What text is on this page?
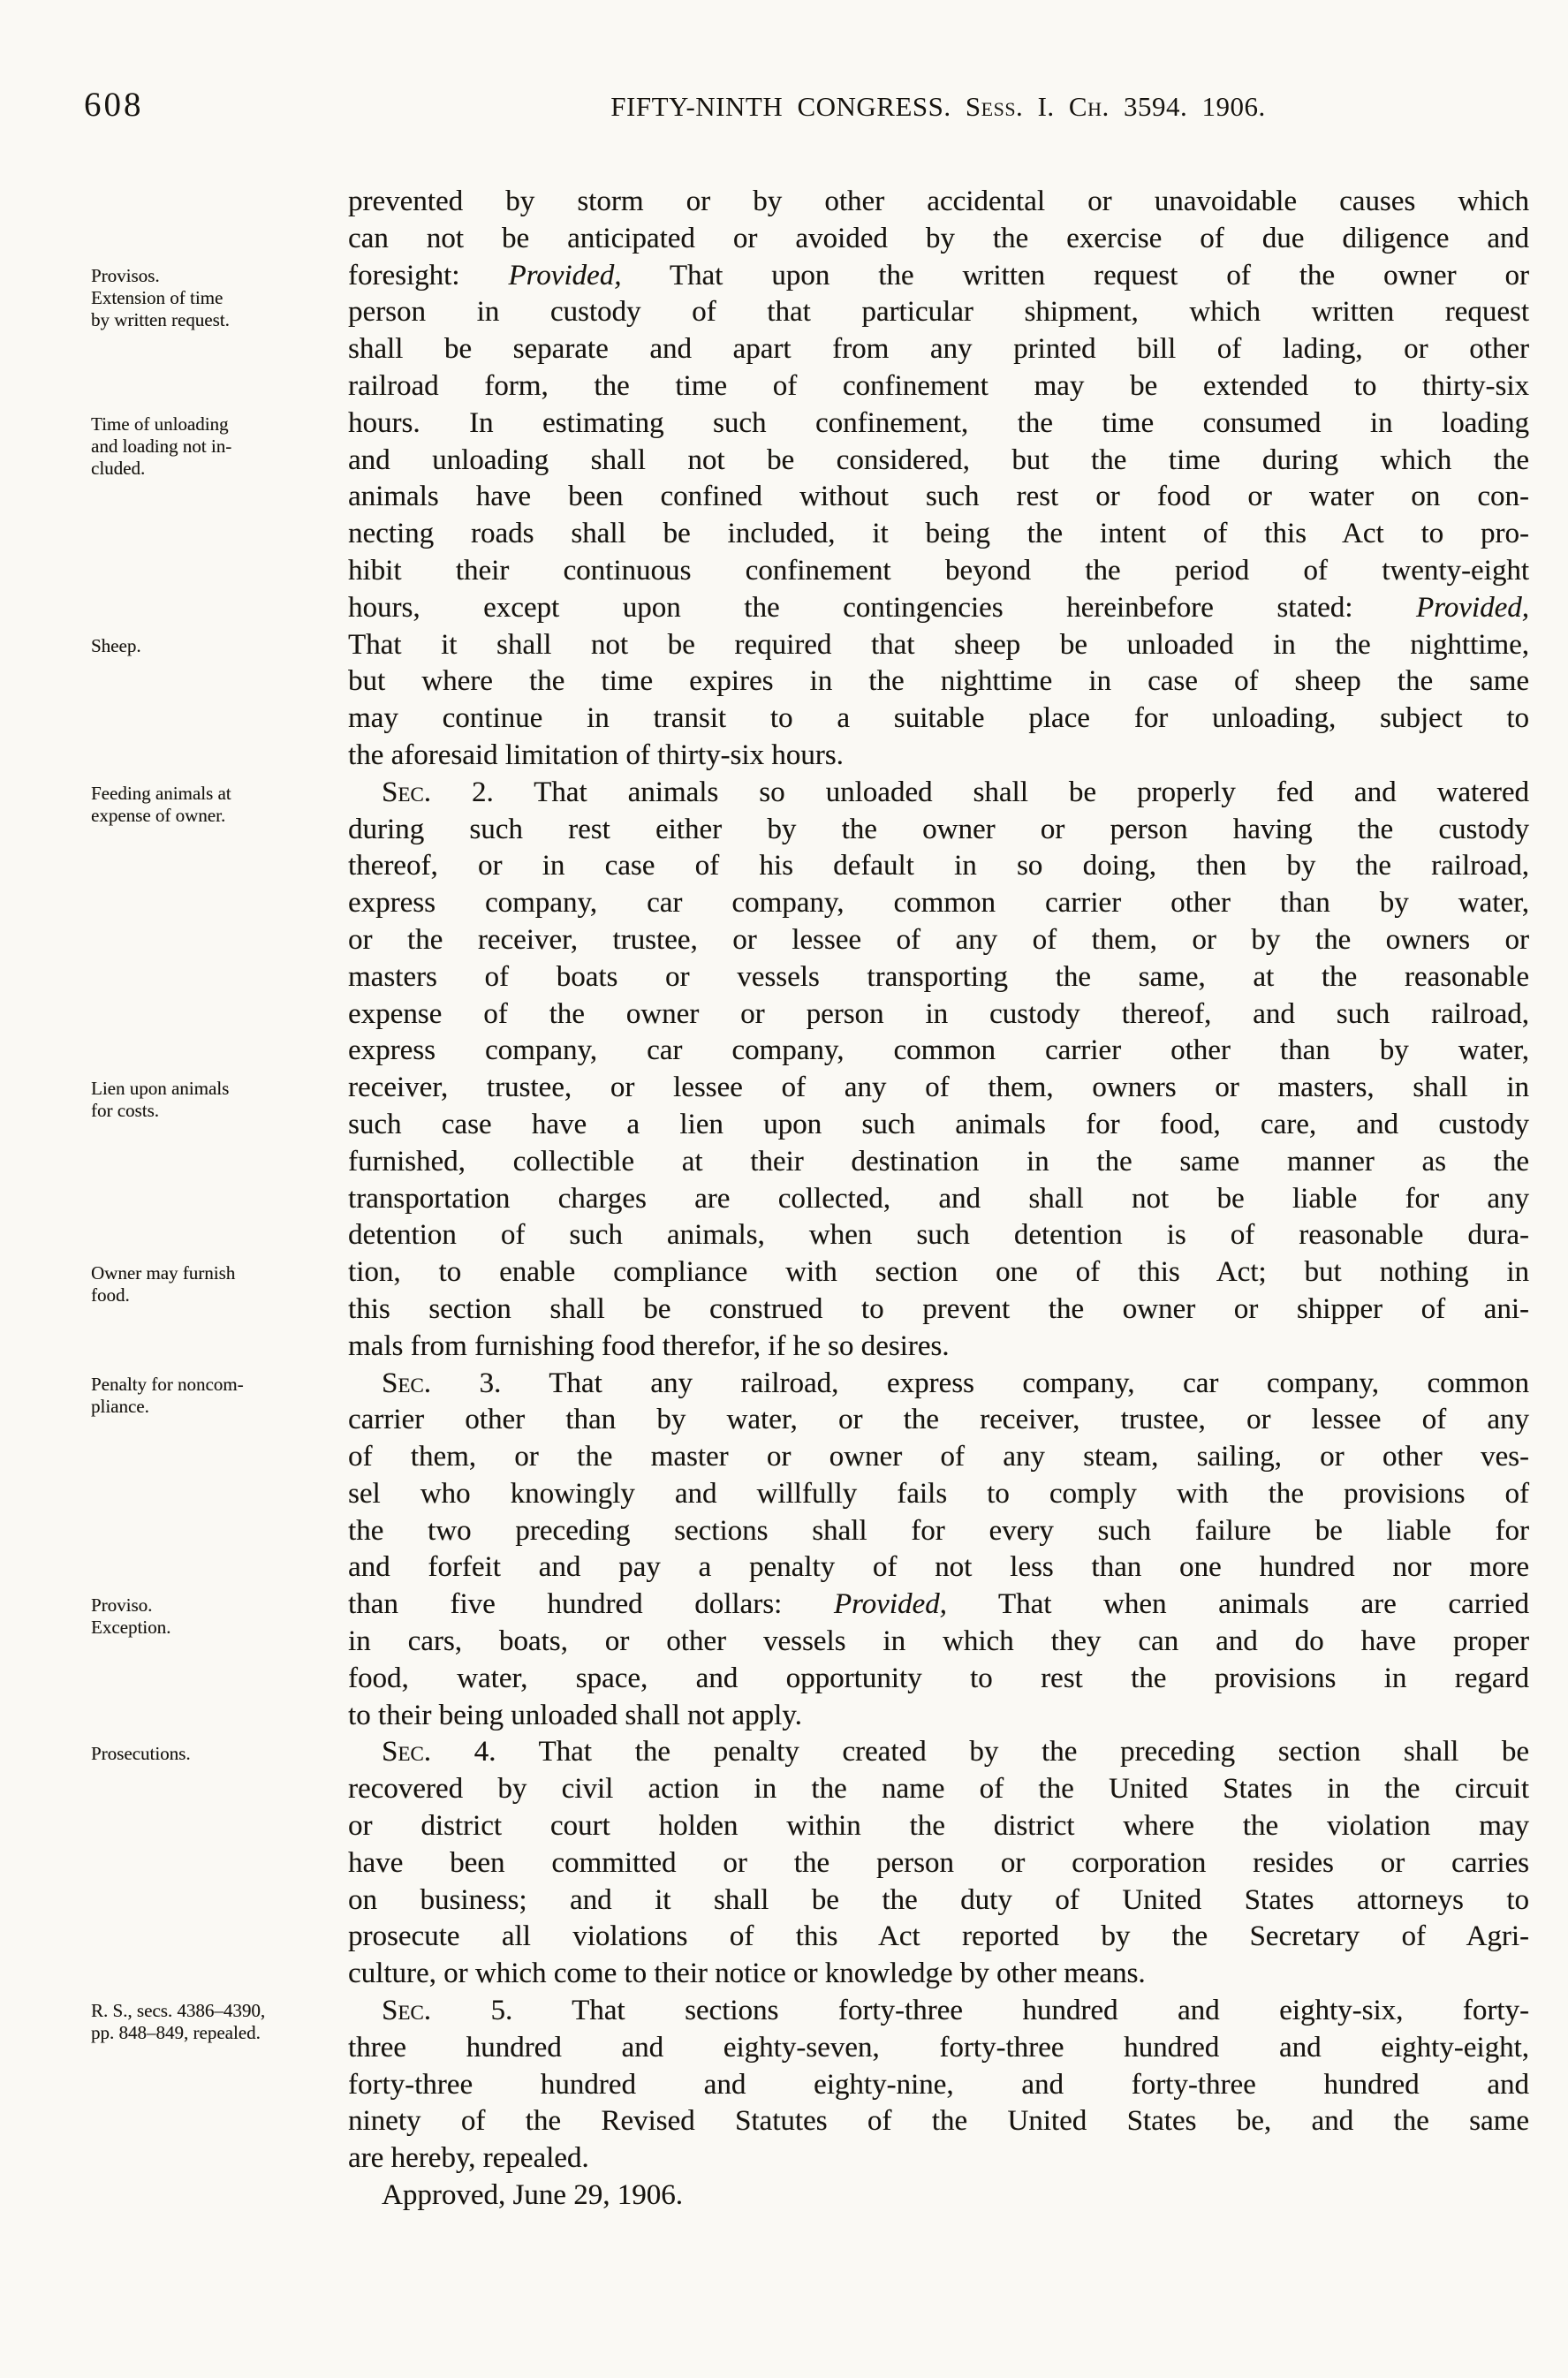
608	FIFTY-NINTH CONGRESS. Sess. I. Ch. 3594. 1906.
Provisos.
Extension of time
by written request.
Time of unloading
and loading not in-
cluded.
Sheep.
Feeding animals at
expense of owner.
Lien upon animals
for costs.
Owner may furnish
food.
Penalty for noncom-
pliance.
Proviso.
Exception.
Prosecutions.
R. S., secs. 4386–4390,
pp. 848–849, repealed.
prevented by storm or by other accidental or unavoidable causes which
can not be anticipated or avoided by the exercise of due diligence and
foresight: Provided, That upon the written request of the owner or
person in custody of that particular shipment, which written request
shall be separate and apart from any printed bill of lading, or other
railroad form, the time of confinement may be extended to thirty-six
hours. In estimating such confinement, the time consumed in loading
and unloading shall not be considered, but the time during which the
animals have been confined without such rest or food or water on con-
necting roads shall be included, it being the intent of this Act to pro-
hibit their continuous confinement beyond the period of twenty-eight
hours, except upon the contingencies hereinbefore stated: Provided,
That it shall not be required that sheep be unloaded in the nighttime,
but where the time expires in the nighttime in case of sheep the same
may continue in transit to a suitable place for unloading, subject to
the aforesaid limitation of thirty-six hours.
Sec. 2. That animals so unloaded shall be properly fed and watered
during such rest either by the owner or person having the custody
thereof, or in case of his default in so doing, then by the railroad,
express company, car company, common carrier other than by water,
or the receiver, trustee, or lessee of any of them, or by the owners or
masters of boats or vessels transporting the same, at the reasonable
expense of the owner or person in custody thereof, and such railroad,
express company, car company, common carrier other than by water,
receiver, trustee, or lessee of any of them, owners or masters, shall in
such case have a lien upon such animals for food, care, and custody
furnished, collectible at their destination in the same manner as the
transportation charges are collected, and shall not be liable for any
detention of such animals, when such detention is of reasonable dura-
tion, to enable compliance with section one of this Act; but nothing in
this section shall be construed to prevent the owner or shipper of ani-
mals from furnishing food therefor, if he so desires.
Sec. 3. That any railroad, express company, car company, common
carrier other than by water, or the receiver, trustee, or lessee of any
of them, or the master or owner of any steam, sailing, or other ves-
sel who knowingly and willfully fails to comply with the provisions of
the two preceding sections shall for every such failure be liable for
and forfeit and pay a penalty of not less than one hundred nor more
than five hundred dollars: Provided, That when animals are carried
in cars, boats, or other vessels in which they can and do have proper
food, water, space, and opportunity to rest the provisions in regard
to their being unloaded shall not apply.
Sec. 4. That the penalty created by the preceding section shall be
recovered by civil action in the name of the United States in the circuit
or district court holden within the district where the violation may
have been committed or the person or corporation resides or carries
on business; and it shall be the duty of United States attorneys to
prosecute all violations of this Act reported by the Secretary of Agri-
culture, or which come to their notice or knowledge by other means.
Sec. 5. That sections forty-three hundred and eighty-six, forty-
three hundred and eighty-seven, forty-three hundred and eighty-eight,
forty-three hundred and eighty-nine, and forty-three hundred and
ninety of the Revised Statutes of the United States be, and the same
are hereby, repealed.
Approved, June 29, 1906.
